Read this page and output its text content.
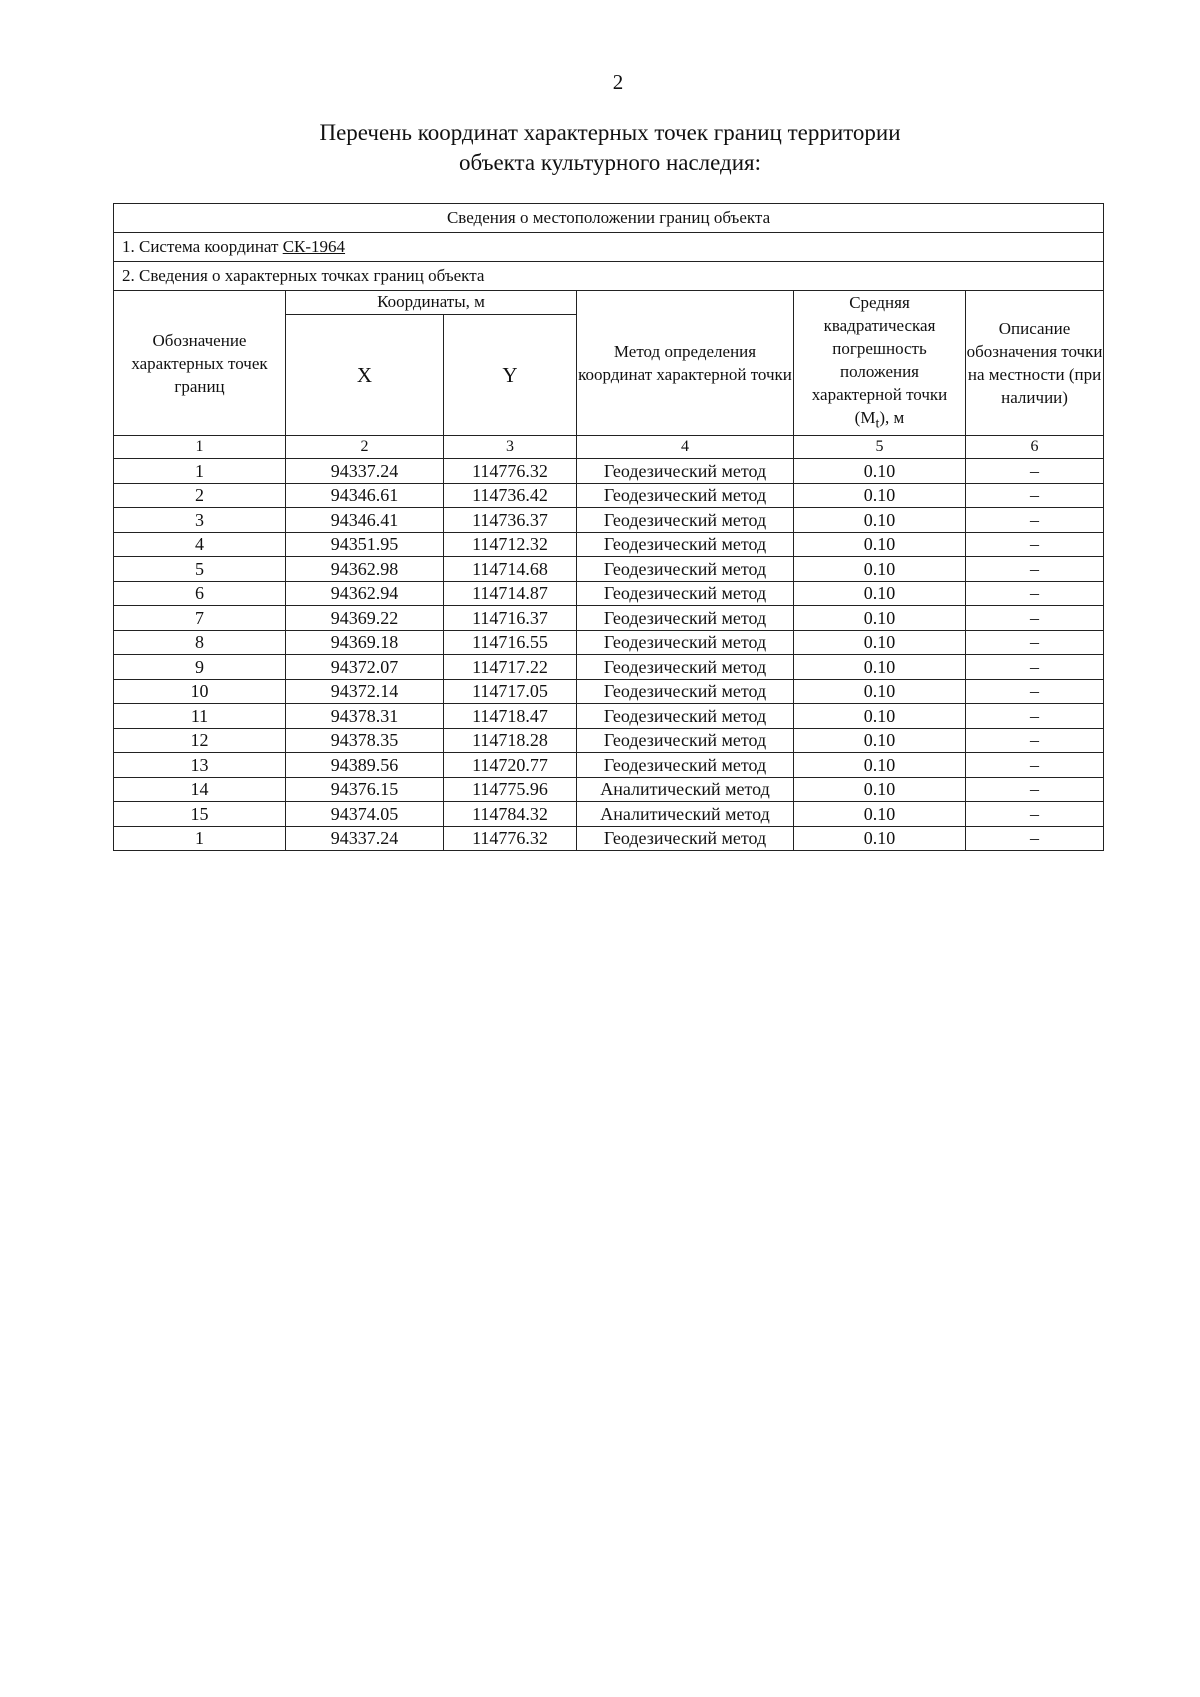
2
Перечень координат характерных точек границ территории
объекта культурного наследия:
Сведения о местоположении границ объекта					
1. Система координат СК-1964					
2. Сведения о характерных точках границ объекта					
Обозначение характерных точек границ	Координаты, м		Метод определения координат характерной точки	Средняя квадратическая погрешность положения характерной точки $(M_t)$, м	Описание обозначения точки на местности (при наличии)
	X	Y			
1	2	3	4	5	6
1	94337.24	114776.32	Геодезический метод	0.10	–
2	94346.61	114736.42	Геодезический метод	0.10	–
3	94346.41	114736.37	Геодезический метод	0.10	–
4	94351.95	114712.32	Геодезический метод	0.10	–
5	94362.98	114714.68	Геодезический метод	0.10	–
6	94362.94	114714.87	Геодезический метод	0.10	–
7	94369.22	114716.37	Геодезический метод	0.10	–
8	94369.18	114716.55	Геодезический метод	0.10	–
9	94372.07	114717.22	Геодезический метод	0.10	–
10	94372.14	114717.05	Геодезический метод	0.10	–
11	94378.31	114718.47	Геодезический метод	0.10	–
12	94378.35	114718.28	Геодезический метод	0.10	–
13	94389.56	114720.77	Геодезический метод	0.10	–
14	94376.15	114775.96	Аналитический метод	0.10	–
15	94374.05	114784.32	Аналитический метод	0.10	–
1	94337.24	114776.32	Геодезический метод	0.10	–
